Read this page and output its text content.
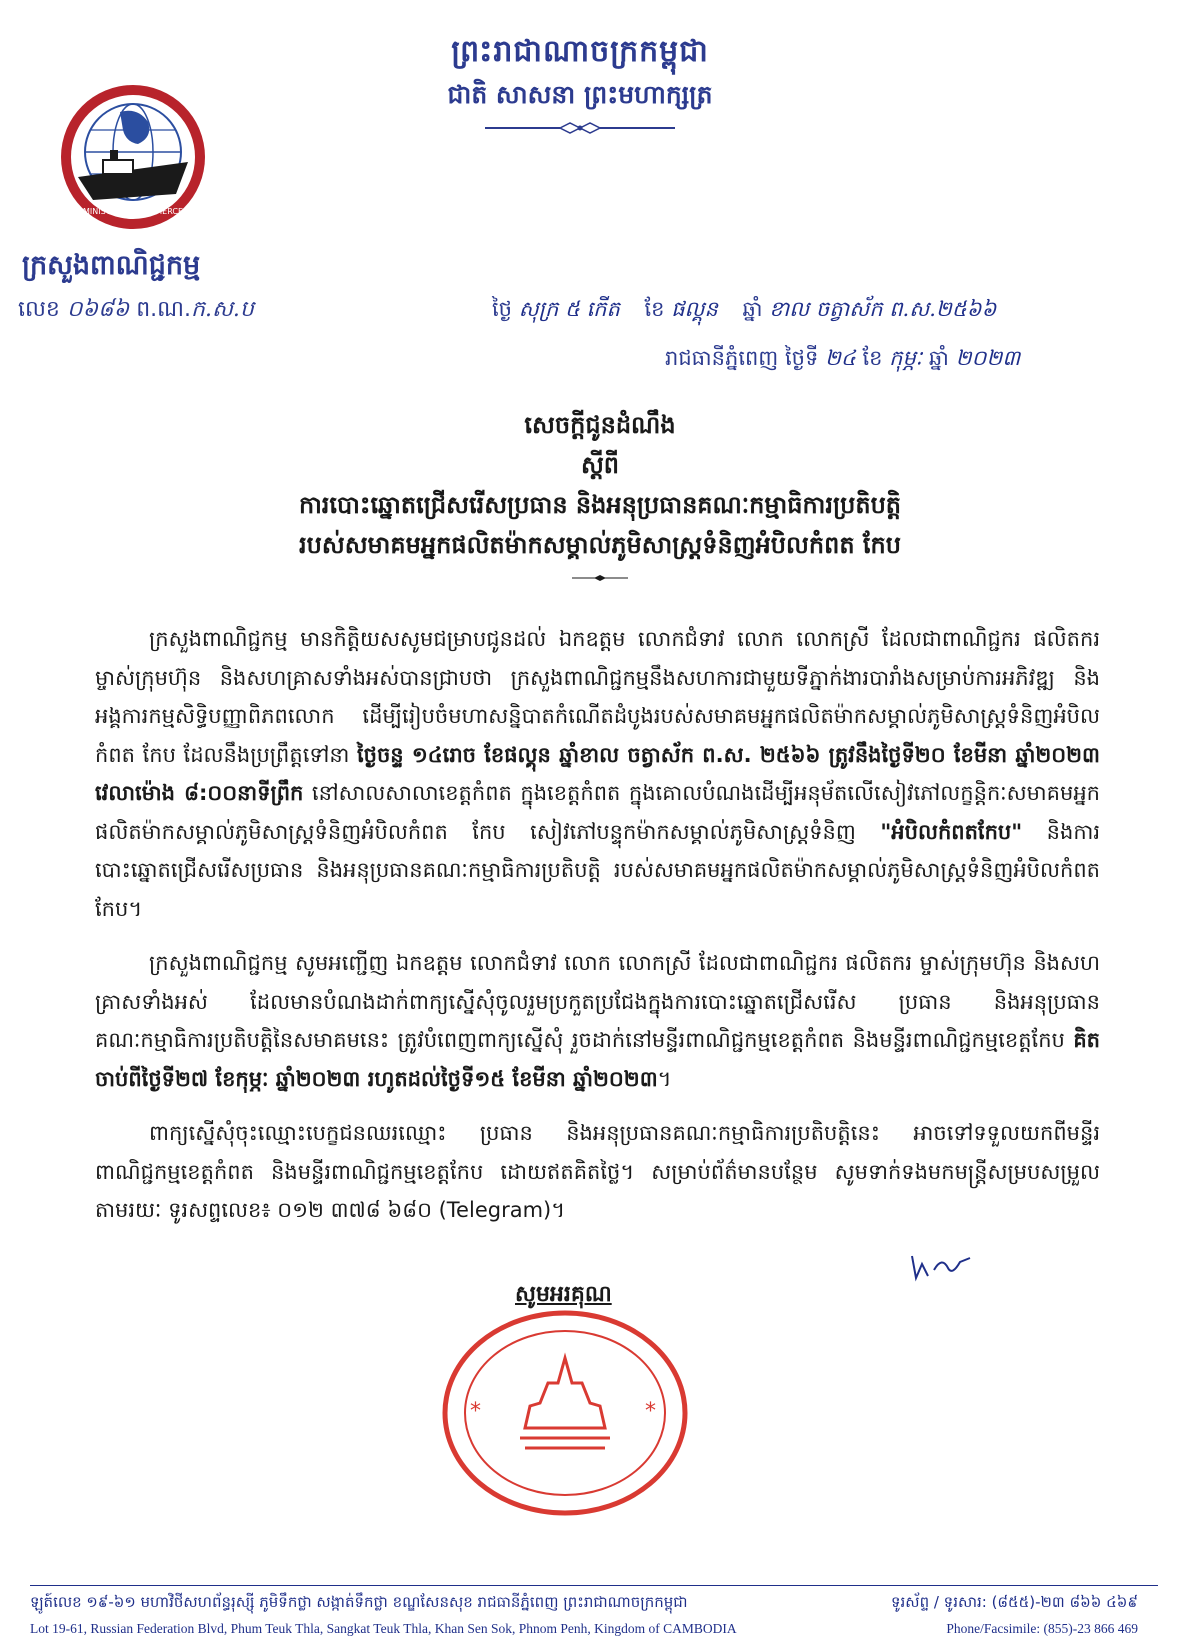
ព្រះរាជាណាចក្រកម្ពុជា
ជាតិ សាសនា ព្រះមហាក្សត្រ
MINISTRY OF COMMERCE
ក្រសួងពាណិជ្ជកម្ម
លេខ ០៦៨៦ ព.ណ.ក.ស.ប	ថ្ងៃ សុក្រ ៥ កើត ខែ ផល្គុន ឆ្នាំ ខាល ចត្វាស័ក ព.ស.២៥៦៦
រាជធានីភ្នំពេញ ថ្ងៃទី ២៤ ខែ កុម្ភៈ ឆ្នាំ ២០២៣
សេចក្តីជូនដំណឹង
ស្តីពី
ការបោះឆ្នោតជ្រើសរើសប្រធាន និងអនុប្រធានគណៈកម្មាធិការប្រតិបត្តិ
របស់សមាគមអ្នកផលិតម៉ាកសម្គាល់ភូមិសាស្ត្រទំនិញអំបិលកំពត កែប

ក្រសួងពាណិជ្ជកម្ម មានកិត្តិយសសូមជម្រាបជូនដល់ ឯកឧត្តម លោកជំទាវ លោក លោកស្រី ដែលជាពាណិជ្ជករ ផលិតករ ម្ចាស់ក្រុមហ៊ុន និងសហគ្រាសទាំងអស់បានជ្រាបថា ក្រសួងពាណិជ្ជកម្មនឹងសហការជាមួយទីភ្នាក់ងារបារាំងសម្រាប់ការអភិវឌ្ឍ និងអង្គការកម្មសិទ្ធិបញ្ញាពិភពលោក ដើម្បីរៀបចំមហាសន្និបាតកំណើតដំបូងរបស់សមាគមអ្នកផលិតម៉ាកសម្គាល់ភូមិសាស្ត្រទំនិញអំបិលកំពត កែប ដែលនឹងប្រព្រឹត្តទៅនា ថ្ងៃចន្ទ ១៤រោច ខែផល្គុន ឆ្នាំខាល ចត្វាស័ក ព.ស. ២៥៦៦ ត្រូវនឹងថ្ងៃទី២០ ខែមីនា ឆ្នាំ២០២៣ វេលាម៉ោង ៨:០០នាទីព្រឹក នៅសាលសាលាខេត្តកំពត ក្នុងខេត្តកំពត ក្នុងគោលបំណងដើម្បីអនុម័តលើសៀវភៅលក្ខន្តិកៈសមាគមអ្នកផលិតម៉ាកសម្គាល់ភូមិសាស្ត្រទំនិញអំបិលកំពត កែប សៀវភៅបន្ទុកម៉ាកសម្គាល់ភូមិសាស្ត្រទំនិញ "អំបិលកំពតកែប" និងការបោះឆ្នោតជ្រើសរើសប្រធាន និងអនុប្រធានគណៈកម្មាធិការប្រតិបត្តិ របស់សមាគមអ្នកផលិតម៉ាកសម្គាល់ភូមិសាស្ត្រទំនិញអំបិលកំពត កែប។

ក្រសួងពាណិជ្ជកម្ម សូមអញ្ជើញ ឯកឧត្តម លោកជំទាវ លោក លោកស្រី ដែលជាពាណិជ្ជករ ផលិតករ ម្ចាស់ក្រុមហ៊ុន និងសហគ្រាសទាំងអស់ ដែលមានបំណងដាក់ពាក្យស្នើសុំចូលរួមប្រកួតប្រជែងក្នុងការបោះឆ្នោតជ្រើសរើស ប្រធាន និងអនុប្រធានគណៈកម្មាធិការប្រតិបត្តិនៃសមាគមនេះ ត្រូវបំពេញពាក្យស្នើសុំ រួចដាក់នៅមន្ទីរពាណិជ្ជកម្មខេត្តកំពត និងមន្ទីរពាណិជ្ជកម្មខេត្តកែប គិតចាប់ពីថ្ងៃទី២៧ ខែកុម្ភៈ ឆ្នាំ២០២៣ រហូតដល់ថ្ងៃទី១៥ ខែមីនា ឆ្នាំ២០២៣។

ពាក្យស្នើសុំចុះឈ្មោះបេក្ខជនឈរឈ្មោះ ប្រធាន និងអនុប្រធានគណៈកម្មាធិការប្រតិបត្តិនេះ អាចទៅទទួលយកពីមន្ទីរពាណិជ្ជកម្មខេត្តកំពត និងមន្ទីរពាណិជ្ជកម្មខេត្តកែប ដោយឥតគិតថ្លៃ។ សម្រាប់ព័ត៌មានបន្ថែម សូមទាក់ទងមកមន្ត្រីសម្របសម្រួលតាមរយៈ ទូរសព្ទលេខ៖ ០១២ ៣៧៨ ៦៨០ (Telegram)។

*	*
សូមអរគុណ
ឡូត៍លេខ ១៩-៦១ មហាវិថីសហព័ន្ធរុស្ស៊ី ភូមិទឹកថ្លា សង្កាត់ទឹកថ្លា ខណ្ឌសែនសុខ រាជធានីភ្នំពេញ ព្រះរាជាណាចក្រកម្ពុជា	ទូរស័ព្ទ / ទូរសារ: (៨៥៥)-២៣ ៨៦៦ ៤៦៩
Lot 19-61, Russian Federation Blvd, Phum Teuk Thla, Sangkat Teuk Thla, Khan Sen Sok, Phnom Penh, Kingdom of CAMBODIA	Phone/Facsimile: (855)-23 866 469
